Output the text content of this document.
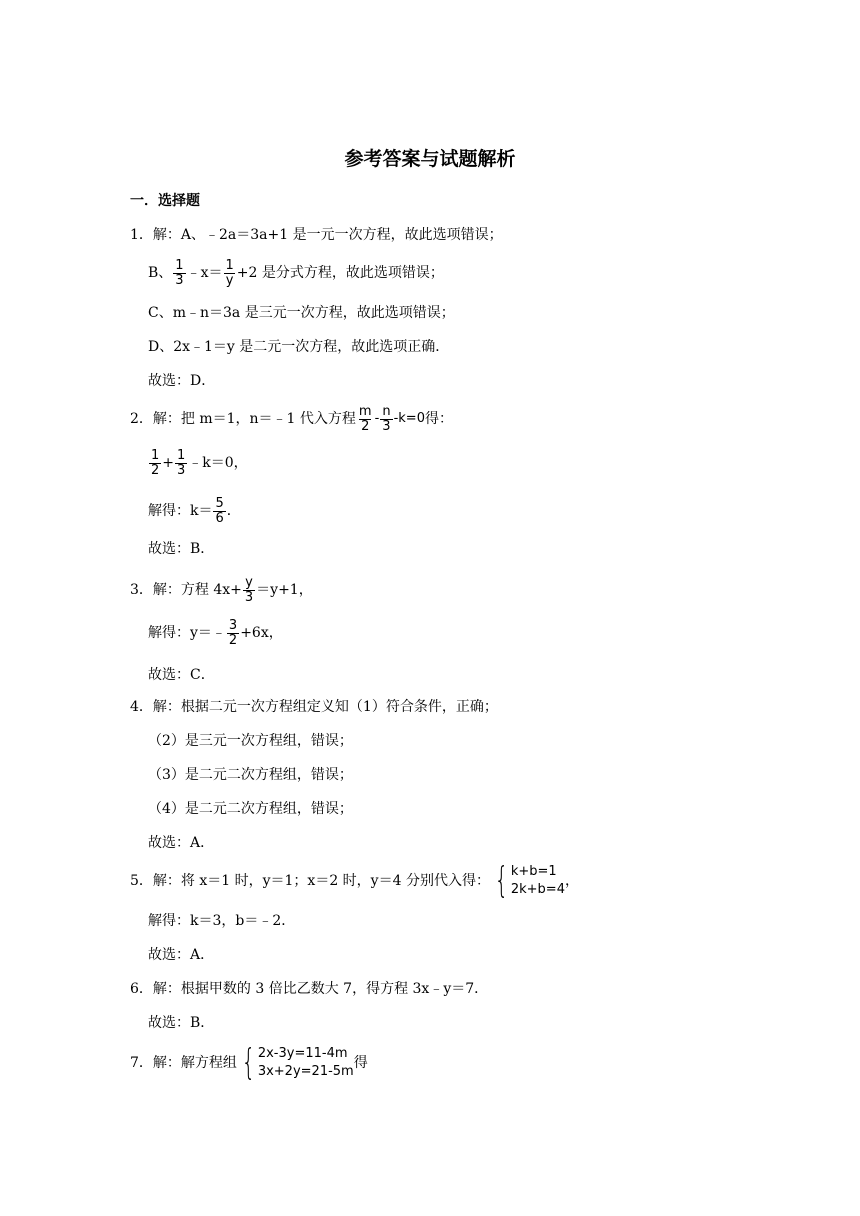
参考答案与试题解析
一．选择题
1．解：A、﹣2a＝3a+1 是一元一次方程，故此选项错误；
B、 $\frac{1}{3}$ ﹣x＝ $\frac{1}{y} +2$ 是分式方程，故此选项错误；
C、m﹣n＝3a 是三元一次方程，故此选项错误；
D、2x﹣1＝y 是二元一次方程，故此选项正确．
故选：D．
2．解：把 m＝1，n＝﹣1 代入方程 $\frac{m}{2} - \frac{n}{3} -k=0$ 得：
$\frac{1}{2} + \frac{1}{3}$ ﹣k＝0，
解得：$k= \frac{5}{6}$ ．
故选：B．
3．解：方程 $4x+ \frac{y}{3} =y+1$，
解得：y＝﹣ $\frac{3}{2} +6x$，
故选：C．
4．解：根据二元一次方程组定义知（1）符合条件，正确；
（2）是三元一次方程组，错误；
（3）是二元二次方程组，错误；
（4）是二元二次方程组，错误；
故选：A．
5．解：将 x＝1 时，y＝1；x＝2 时，y＝4 分别代入得： { k+b=1
2k+b=4
，
解得：k＝3，b＝﹣2．
故选：A．
6．解：根据甲数的 3 倍比乙数大 7，得方程 3x﹣y＝7．
故选：B．
7．解：解方程组 { 2x-3y=11-4m
3x+2y=21-5m
得
